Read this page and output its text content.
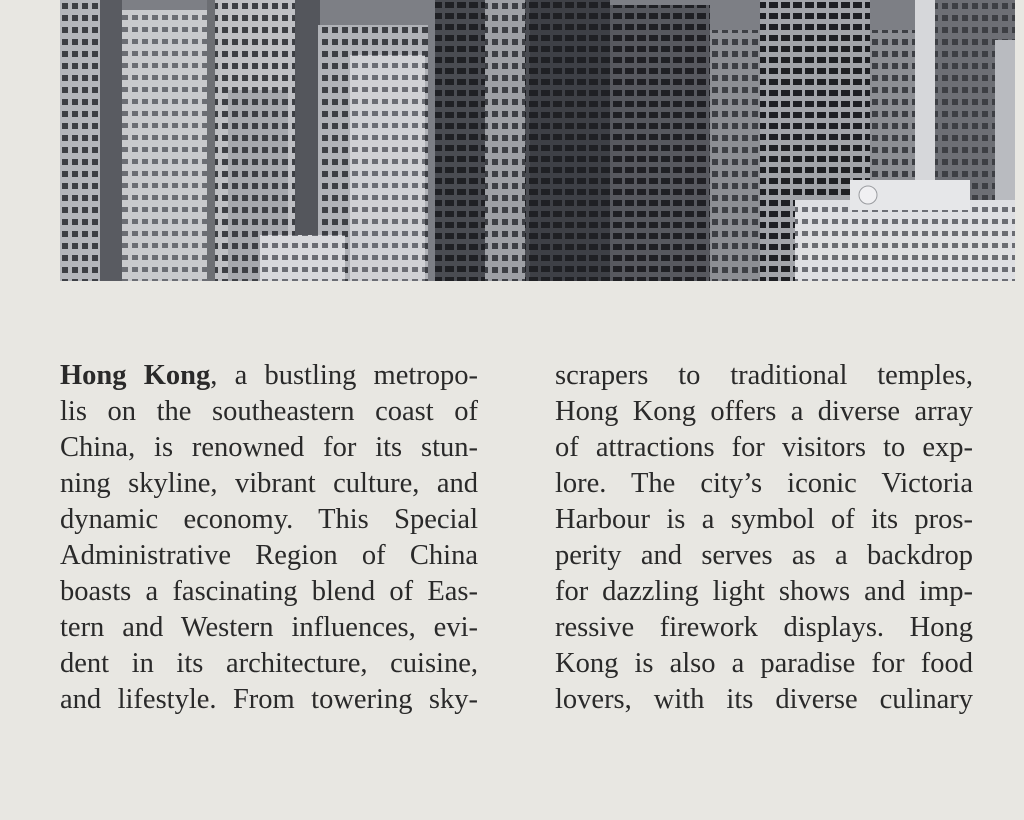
Hong Kong, a bustling metropo-
lis on the southeastern coast of
China, is renowned for its stun-
ning skyline, vibrant culture, and
dynamic economy. This Special
Administrative Region of China
boasts a fascinating blend of Eas-
tern and Western influences, evi-
dent in its architecture, cuisine,
and lifestyle. From towering sky-
scrapers to traditional temples,
Hong Kong offers a diverse array
of attractions for visitors to exp-
lore. The city’s iconic Victoria
Harbour is a symbol of its pros-
perity and serves as a backdrop
for dazzling light shows and imp-
ressive firework displays. Hong
Kong is also a paradise for food
lovers, with its diverse culinary
